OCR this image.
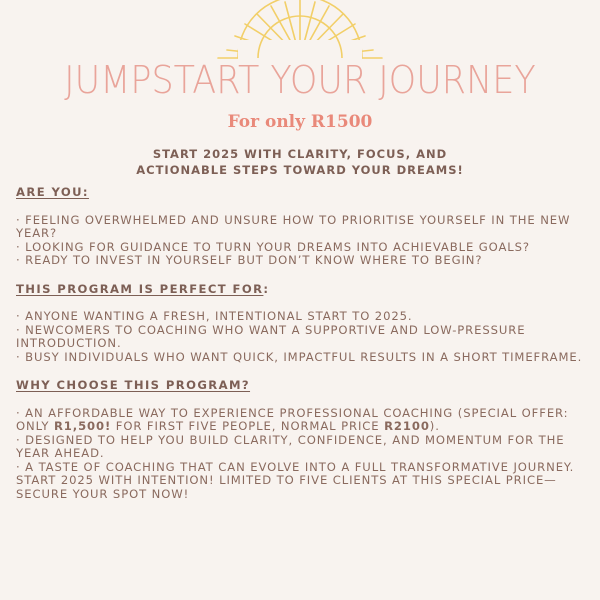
JUMPSTART YOUR JOURNEY
For only R1500
START 2025 WITH CLARITY, FOCUS, AND
ACTIONABLE STEPS TOWARD YOUR DREAMS!
ARE YOU:

· FEELING OVERWHELMED AND UNSURE HOW TO PRIORITISE YOURSELF IN THE NEW YEAR?

· LOOKING FOR GUIDANCE TO TURN YOUR DREAMS INTO ACHIEVABLE GOALS?

· READY TO INVEST IN YOURSELF BUT DON’T KNOW WHERE TO BEGIN?

THIS PROGRAM IS PERFECT FOR:

· ANYONE WANTING A FRESH, INTENTIONAL START TO 2025.

· NEWCOMERS TO COACHING WHO WANT A SUPPORTIVE AND LOW-PRESSURE INTRODUCTION.

· BUSY INDIVIDUALS WHO WANT QUICK, IMPACTFUL RESULTS IN A SHORT TIMEFRAME.

WHY CHOOSE THIS PROGRAM?

· AN AFFORDABLE WAY TO EXPERIENCE PROFESSIONAL COACHING (SPECIAL OFFER: ONLY R1,500! FOR FIRST FIVE PEOPLE, NORMAL PRICE R2100).

· DESIGNED TO HELP YOU BUILD CLARITY, CONFIDENCE, AND MOMENTUM FOR THE YEAR AHEAD.

· A TASTE OF COACHING THAT CAN EVOLVE INTO A FULL TRANSFORMATIVE JOURNEY.

START 2025 WITH INTENTION! LIMITED TO FIVE CLIENTS AT THIS SPECIAL PRICE—SECURE YOUR SPOT NOW!
